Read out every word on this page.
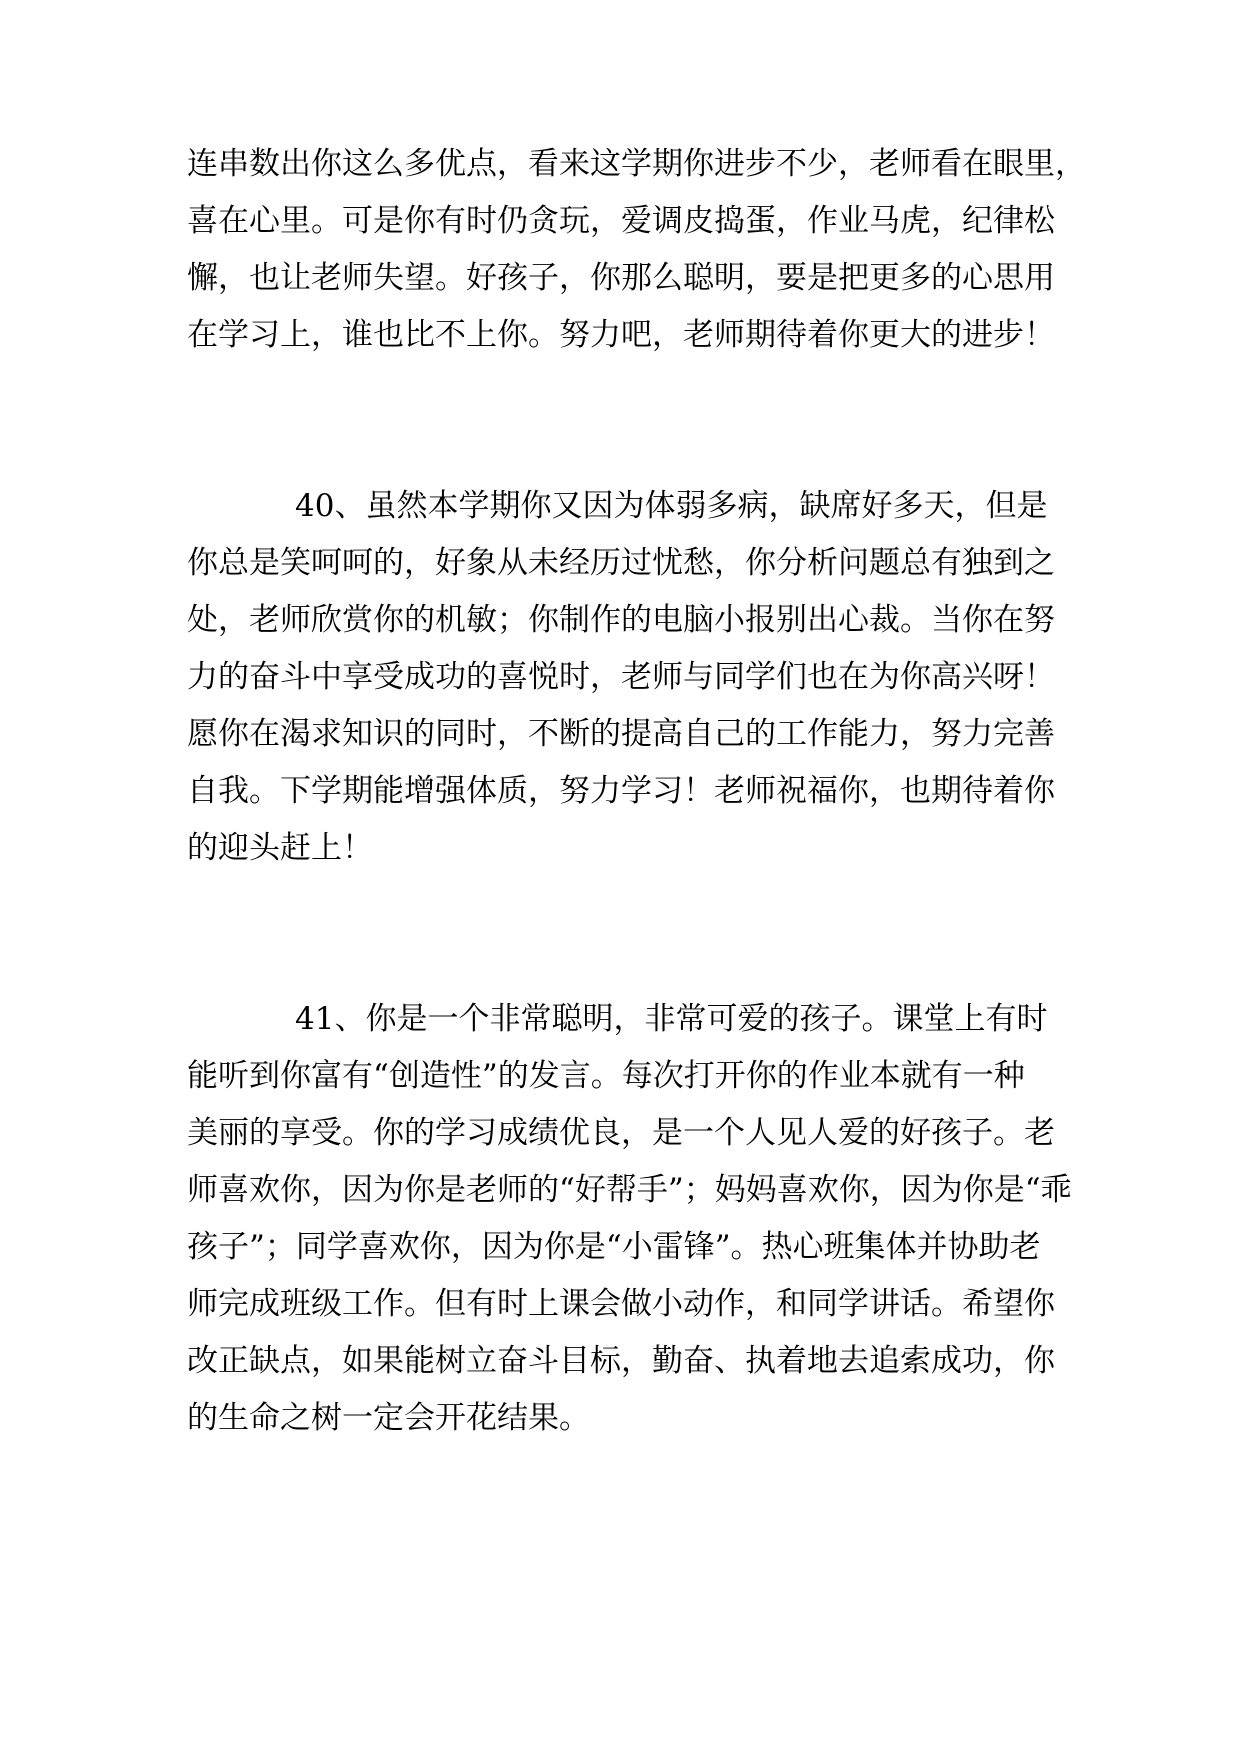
连串数出你这么多优点，看来这学期你进步不少，老师看在眼里，
喜在心里。可是你有时仍贪玩，爱调皮捣蛋，作业马虎，纪律松
懈，也让老师失望。好孩子，你那么聪明，要是把更多的心思用
在学习上，谁也比不上你。努力吧，老师期待着你更大的进步！
40、虽然本学期你又因为体弱多病，缺席好多天，但是
你总是笑呵呵的，好象从未经历过忧愁，你分析问题总有独到之
处，老师欣赏你的机敏；你制作的电脑小报别出心裁。当你在努
力的奋斗中享受成功的喜悦时，老师与同学们也在为你高兴呀！
愿你在渴求知识的同时，不断的提高自己的工作能力，努力完善
自我。下学期能增强体质，努力学习！老师祝福你，也期待着你
的迎头赶上！
41、你是一个非常聪明，非常可爱的孩子。课堂上有时
能听到你富有“创造性”的发言。每次打开你的作业本就有一种
美丽的享受。你的学习成绩优良，是一个人见人爱的好孩子。老
师喜欢你，因为你是老师的“好帮手”；妈妈喜欢你，因为你是“乖
孩子”；同学喜欢你，因为你是“小雷锋”。热心班集体并协助老
师完成班级工作。但有时上课会做小动作，和同学讲话。希望你
改正缺点，如果能树立奋斗目标，勤奋、执着地去追索成功，你
的生命之树一定会开花结果。
